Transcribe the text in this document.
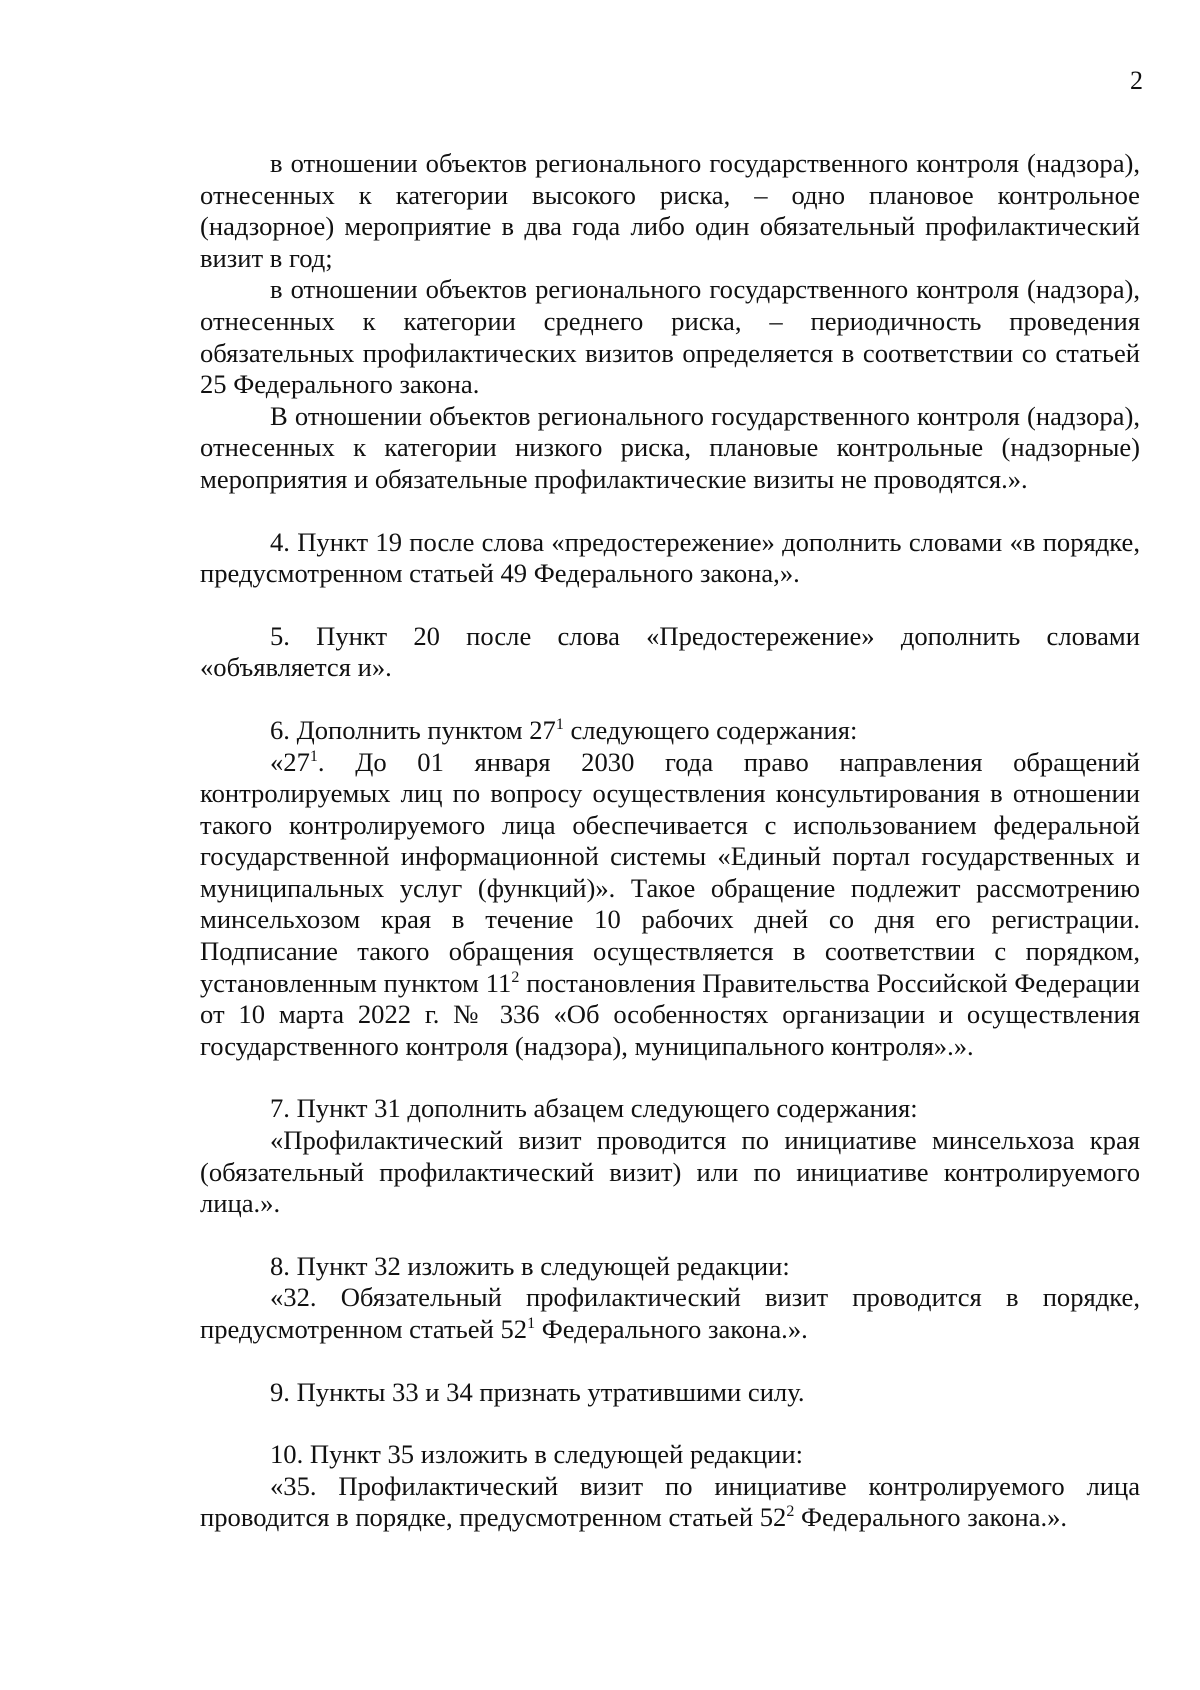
2

в отношении объектов регионального государственного контроля (надзора), отнесенных к категории высокого риска, – одно плановое контрольное (надзорное) мероприятие в два года либо один обязательный профилактический визит в год;

в отношении объектов регионального государственного контроля (надзора), отнесенных к категории среднего риска, – периодичность проведения обязательных профилактических визитов определяется в соответствии со статьей 25 Федерального закона.

В отношении объектов регионального государственного контроля (надзора), отнесенных к категории низкого риска, плановые контрольные (надзорные) мероприятия и обязательные профилактические визиты не проводятся.».

4. Пункт 19 после слова «предостережение» дополнить словами «в порядке, предусмотренном статьей 49 Федерального закона,».

5. Пункт 20 после слова «Предостережение» дополнить словами «объявляется и».

6. Дополнить пунктом $27^1$ следующего содержания:

«$27^1$. До 01 января 2030 года право направления обращений контролируемых лиц по вопросу осуществления консультирования в отношении такого контролируемого лица обеспечивается с использованием федеральной государственной информационной системы «Единый портал государственных и муниципальных услуг (функций)». Такое обращение подлежит рассмотрению минсельхозом края в течение 10 рабочих дней со дня его регистрации. Подписание такого обращения осуществляется в соответствии с порядком, установленным пунктом $11^2$ постановления Правительства Российской Федерации от 10 марта 2022 г. № 336 «Об особенностях организации и осуществления государственного контроля (надзора), муниципального контроля».».

7. Пункт 31 дополнить абзацем следующего содержания:

«Профилактический визит проводится по инициативе минсельхоза края (обязательный профилактический визит) или по инициативе контролируемого лица.».

8. Пункт 32 изложить в следующей редакции:

«32. Обязательный профилактический визит проводится в порядке, предусмотренном статьей $52^1$ Федерального закона.».

9. Пункты 33 и 34 признать утратившими силу.

10. Пункт 35 изложить в следующей редакции:

«35. Профилактический визит по инициативе контролируемого лица проводится в порядке, предусмотренном статьей $52^2$ Федерального закона.».
